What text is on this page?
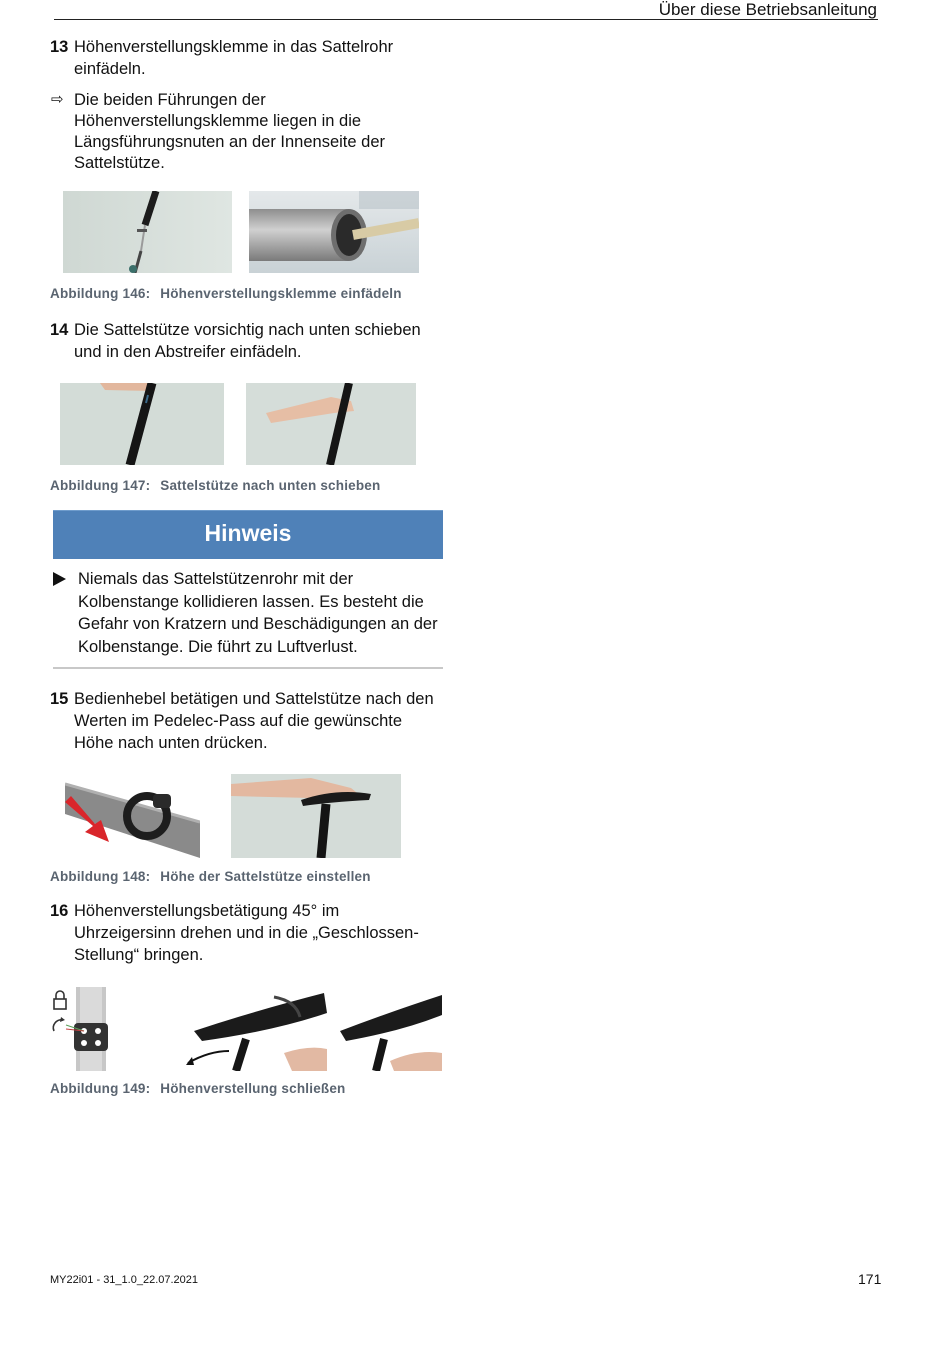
Über diese Betriebsanleitung
13 Höhenverstellungsklemme in das Sattelrohr einfädeln.
⇨ Die beiden Führungen der Höhenverstellungsklemme liegen in die Längsführungsnuten an der Innenseite der Sattelstütze.

Abbildung 146: Höhenverstellungsklemme einfädeln

14 Die Sattelstütze vorsichtig nach unten schieben und in den Abstreifer einfädeln.

Abbildung 147: Sattelstütze nach unten schieben

Hinweis
Niemals das Sattelstützenrohr mit der Kolbenstange kollidieren lassen. Es besteht die Gefahr von Kratzern und Beschädigungen an der Kolbenstange. Die führt zu Luftverlust.
15 Bedienhebel betätigen und Sattelstütze nach den Werten im Pedelec-Pass auf die gewünschte Höhe nach unten drücken.

Abbildung 148: Höhe der Sattelstütze einstellen

16 Höhenverstellungsbetätigung 45° im Uhrzeigersinn drehen und in die „Geschlossen-Stellung“ bringen.

Abbildung 149: Höhenverstellung schließen

MY22i01 - 31_1.0_22.07.2021	171
